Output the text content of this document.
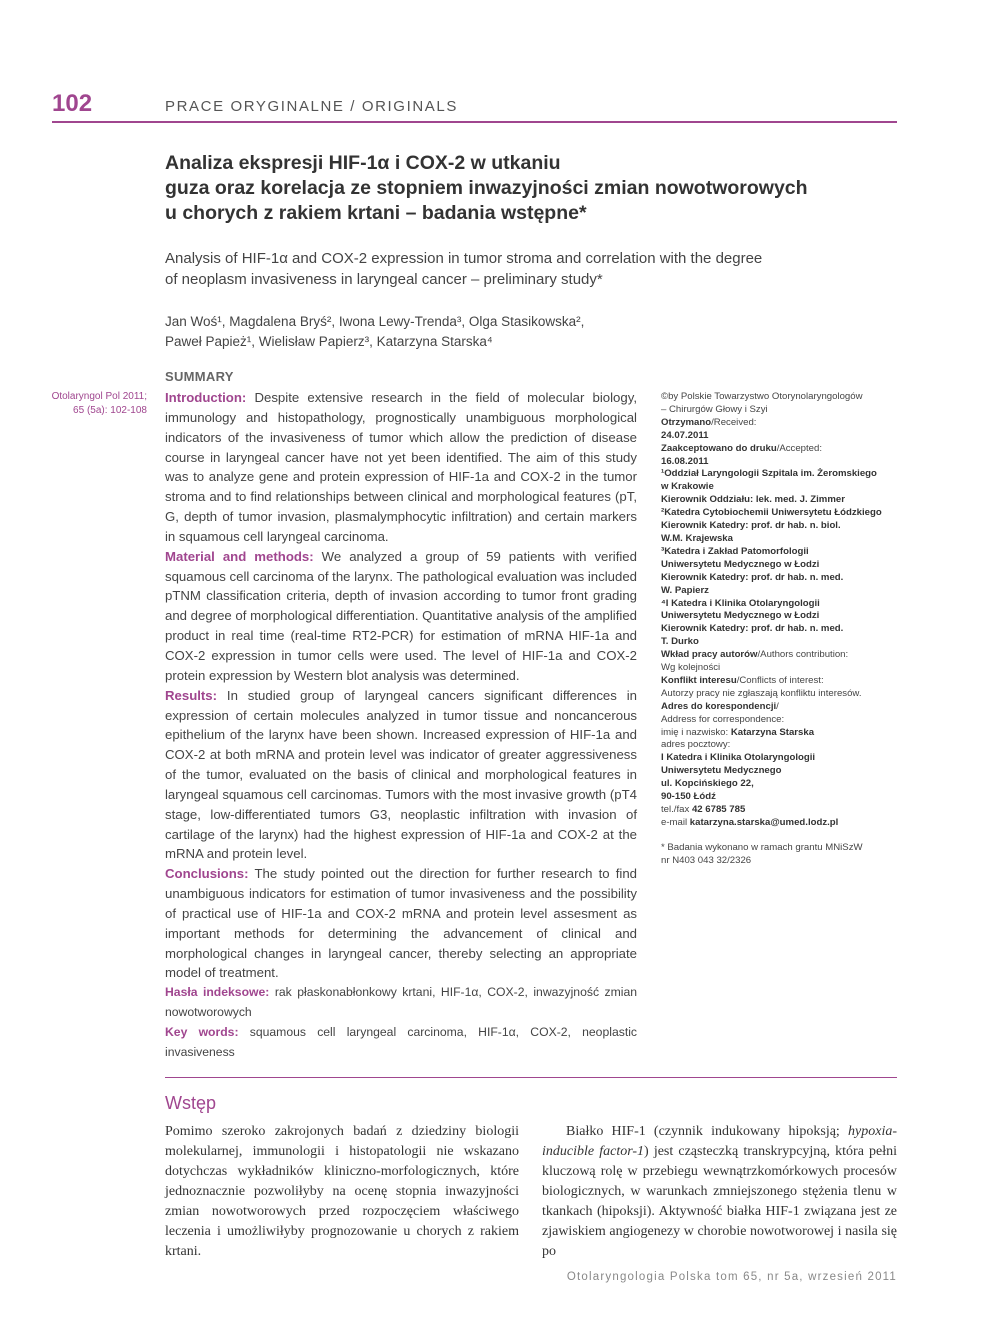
102	PRACE ORYGINALNE / ORIGINALS
Analiza ekspresji HIF-1α i COX-2 w utkaniu
guza oraz korelacja ze stopniem inwazyjności zmian nowotworowych
u chorych z rakiem krtani – badania wstępne*
Analysis of HIF-1α and COX-2 expression in tumor stroma and correlation with the degree
of neoplasm invasiveness in laryngeal cancer – preliminary study*
Jan Woś¹, Magdalena Bryś², Iwona Lewy-Trenda³, Olga Stasikowska²,
Paweł Papież¹, Wielisław Papierz³, Katarzyna Starska⁴
SUMMARY
Otolaryngol Pol 2011;
65 (5a): 102-108

Introduction: Despite extensive research in the field of molecular biology, immunology and histopathology, prognostically unambiguous morphological indicators of the invasiveness of tumor which allow the prediction of disease course in laryngeal cancer have not yet been identified. The aim of this study was to analyze gene and protein expression of HIF-1a and COX-2 in the tumor stroma and to find relationships between clinical and morphological features (pT, G, depth of tumor invasion, plasmalymphocytic infiltration) and certain markers in squamous cell laryngeal carcinoma.

Material and methods: We analyzed a group of 59 patients with verified squamous cell carcinoma of the larynx. The pathological evaluation was included pTNM classification criteria, depth of invasion according to tumor front grading and degree of morphological differentiation. Quantitative analysis of the amplified product in real time (real-time RT2-PCR) for estimation of mRNA HIF-1a and COX-2 expression in tumor cells were used. The level of HIF-1a and COX-2 protein expression by Western blot analysis was determined.

Results: In studied group of laryngeal cancers significant differences in expression of certain molecules analyzed in tumor tissue and noncancerous epithelium of the larynx have been shown. Increased expression of HIF-1a and COX-2 at both mRNA and protein level was indicator of greater aggressiveness of the tumor, evaluated on the basis of clinical and morphological features in laryngeal squamous cell carcinomas. Tumors with the most invasive growth (pT4 stage, low-differentiated tumors G3, neoplastic infiltration with invasion of cartilage of the larynx) had the highest expression of HIF-1a and COX-2 at the mRNA and protein level.

Conclusions: The study pointed out the direction for further research to find unambiguous indicators for estimation of tumor invasiveness and the possibility of practical use of HIF-1a and COX-2 mRNA and protein level assesment as important methods for determining the advancement of clinical and morphological changes in laryngeal cancer, thereby selecting an appropriate model of treatment.

Hasła indeksowe: rak płaskonabłonkowy krtani, HIF-1α, COX-2, inwazyjność zmian nowotworowych

Key words: squamous cell laryngeal carcinoma, HIF-1α, COX-2, neoplastic invasiveness

©by Polskie Towarzystwo Otorynolaryngologów
– Chirurgów Głowy i Szyi
Otrzymano/Received:
24.07.2011
Zaakceptowano do druku/Accepted:
16.08.2011
¹Oddział Laryngologii Szpitala im. Żeromskiego
w Krakowie
Kierownik Oddziału: lek. med. J. Zimmer
²Katedra Cytobiochemii Uniwersytetu Łódzkiego
Kierownik Katedry: prof. dr hab. n. biol.
W.M. Krajewska
³Katedra i Zakład Patomorfologii
Uniwersytetu Medycznego w Łodzi
Kierownik Katedry: prof. dr hab. n. med.
W. Papierz
⁴I Katedra i Klinika Otolaryngologii
Uniwersytetu Medycznego w Łodzi
Kierownik Katedry: prof. dr hab. n. med.
T. Durko
Wkład pracy autorów/Authors contribution:
Wg kolejności
Konflikt interesu/Conflicts of interest:
Autorzy pracy nie zgłaszają konfliktu interesów.
Adres do korespondencji/
Address for correspondence:
imię i nazwisko: Katarzyna Starska
adres pocztowy:
I Katedra i Klinika Otolaryngologii
Uniwersytetu Medycznego
ul. Kopcińskiego 22,
90-150 Łódź
tel./fax 42 6785 785
e-mail katarzyna.starska@umed.lodz.pl
* Badania wykonano w ramach grantu MNiSzW
nr N403 043 32/2326
Wstęp

Pomimo szeroko zakrojonych badań z dziedziny biologii molekularnej, immunologii i histopatologii nie wskazano dotychczas wykładników kliniczno-morfologicznych, które jednoznacznie pozwoliłyby na ocenę stopnia inwazyjności zmian nowotworowych przed rozpoczęciem właściwego leczenia i umożliwiłyby prognozowanie u chorych z rakiem krtani.

Białko HIF-1 (czynnik indukowany hipoksją; hypoxia-inducible factor-1) jest cząsteczką transkrypcyjną, która pełni kluczową rolę w przebiegu wewnątrzkomórkowych procesów biologicznych, w warunkach zmniejszonego stężenia tlenu w tkankach (hipoksji). Aktywność białka HIF-1 związana jest ze zjawiskiem angiogenezy w chorobie nowotworowej i nasila się po

Otolaryngologia Polska tom 65, nr 5a, wrzesień 2011
